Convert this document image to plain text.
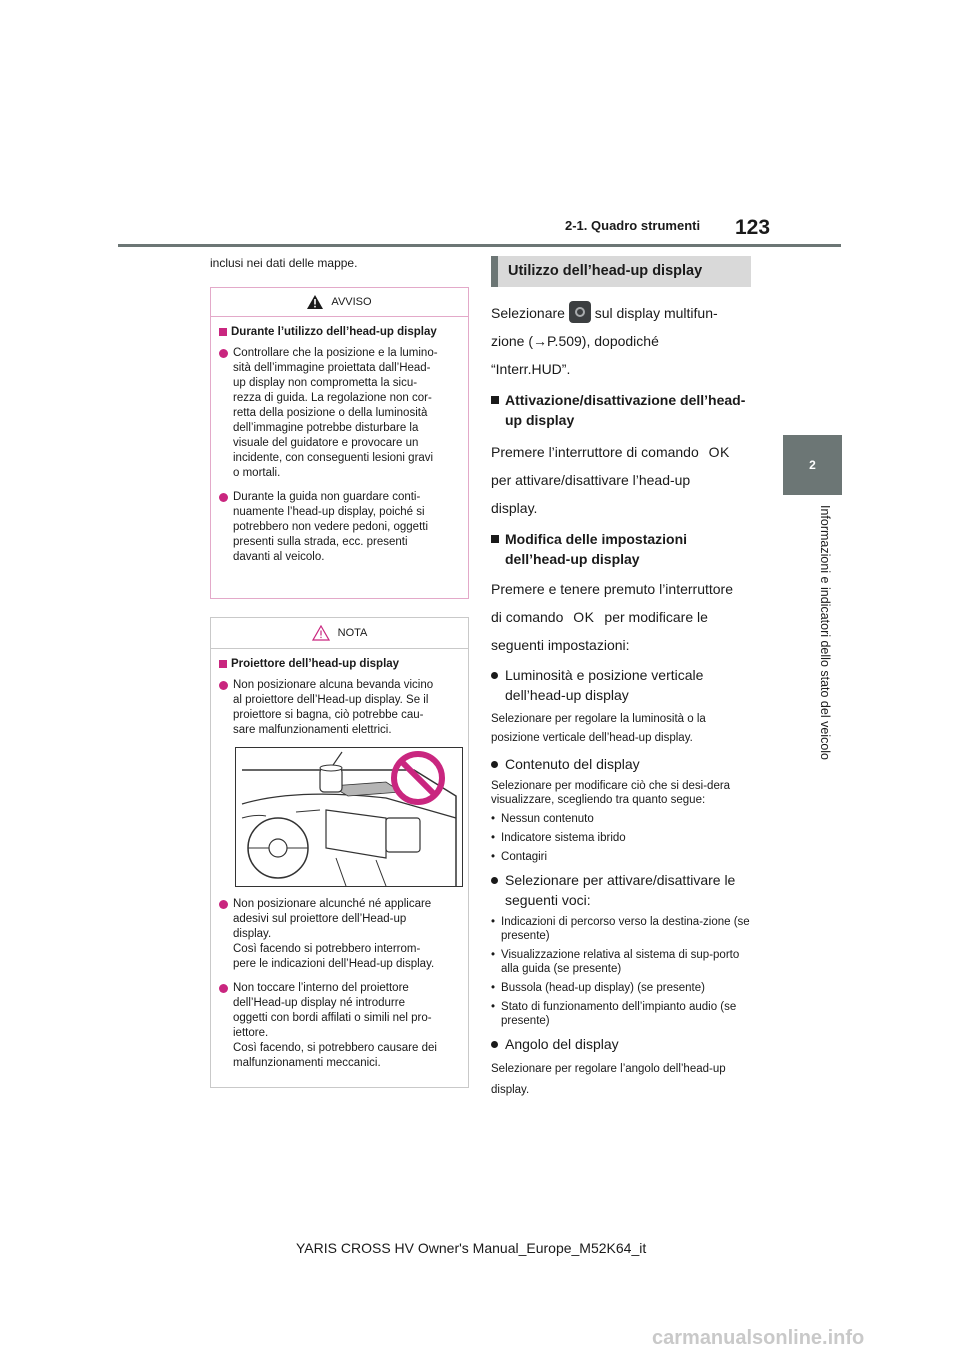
2-1. Quadro strumenti 123
2
Informazioni e indicatori dello stato del veicolo
inclusi nei dati delle mappe.
AVVISO
Durante l’utilizzo dell’head-up display
Controllare che la posizione e la lumino-
sità dell’immagine proiettata dall’Head-
up display non comprometta la sicu-
rezza di guida. La regolazione non cor-
retta della posizione o della luminosità
dell’immagine potrebbe disturbare la
visuale del guidatore e provocare un
incidente, con conseguenti lesioni gravi
o mortali.
Durante la guida non guardare conti-
nuamente l’head-up display, poiché si
potrebbero non vedere pedoni, oggetti
presenti sulla strada, ecc. presenti
davanti al veicolo.
NOTA
Proiettore dell’head-up display
Non posizionare alcuna bevanda vicino
al proiettore dell’Head-up display. Se il
proiettore si bagna, ciò potrebbe cau-
sare malfunzionamenti elettrici.
Non posizionare alcunché né applicare
adesivi sul proiettore dell’Head-up
display.
Così facendo si potrebbero interrom-
pere le indicazioni dell’Head-up display.
Non toccare l’interno del proiettore
dell’Head-up display né introdurre
oggetti con bordi affilati o simili nel pro-
iettore.
Così facendo, si potrebbero causare dei
malfunzionamenti meccanici.
Utilizzo dell’head-up display
Selezionare sul display multifun-
zione (→P.509), dopodiché
“Interr.HUD”.
Attivazione/disattivazione dell’head-up display
Premere l’interruttore di comando OK
per attivare/disattivare l’head-up
display.
Modifica delle impostazioni dell’head-up display
Premere e tenere premuto l’interruttore
di comando OK per modificare le
seguenti impostazioni:
Luminosità e posizione verticale dell’head-up display
Selezionare per regolare la luminosità o la posizione verticale dell’head-up display.
Contenuto del display
Selezionare per modificare ciò che si desi-dera visualizzare, scegliendo tra quanto segue:
• Nessun contenuto
• Indicatore sistema ibrido
• Contagiri
Selezionare per attivare/disattivare le seguenti voci:
• Indicazioni di percorso verso la destina-zione (se presente)
• Visualizzazione relativa al sistema di sup-porto alla guida (se presente)
• Bussola (head-up display) (se presente)
• Stato di funzionamento dell’impianto audio (se presente)
Angolo del display
Selezionare per regolare l’angolo dell’head-up display.
YARIS CROSS HV Owner's Manual_Europe_M52K64_it
carmanualsonline.info
